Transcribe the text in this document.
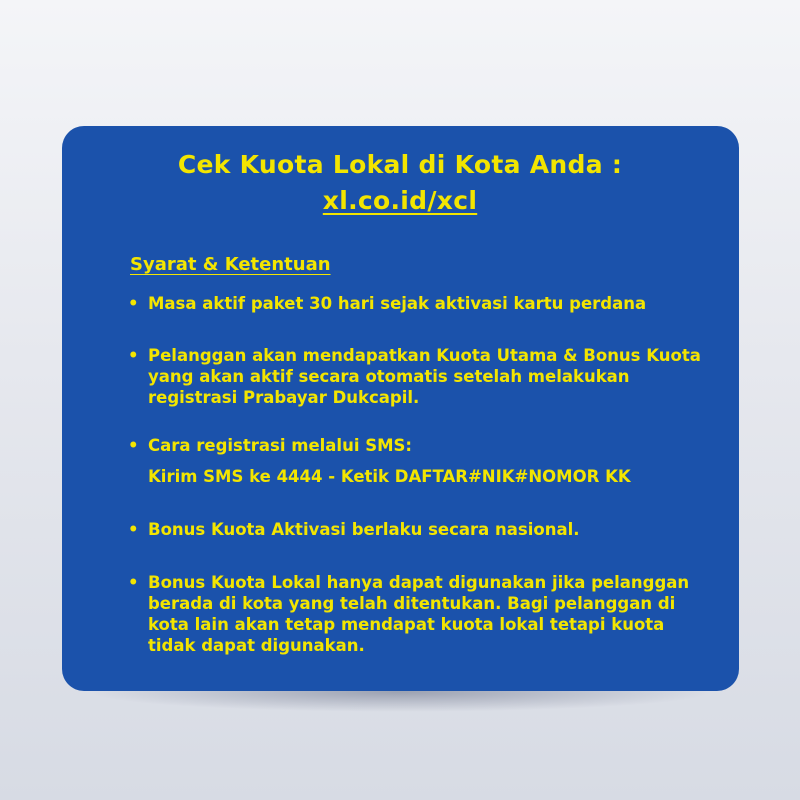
Cek Kuota Lokal di Kota Anda :
xl.co.id/xcl
Syarat & Ketentuan
• Masa aktif paket 30 hari sejak aktivasi kartu perdana
• Pelanggan akan mendapatkan Kuota Utama & Bonus Kuota yang akan aktif secara otomatis setelah melakukan registrasi Prabayar Dukcapil.
• Cara registrasi melalui SMS:
Kirim SMS ke 4444 - Ketik DAFTAR#NIK#NOMOR KK
• Bonus Kuota Aktivasi berlaku secara nasional.
• Bonus Kuota Lokal hanya dapat digunakan jika pelanggan berada di kota yang telah ditentukan. Bagi pelanggan di kota lain akan tetap mendapat kuota lokal tetapi kuota tidak dapat digunakan.
